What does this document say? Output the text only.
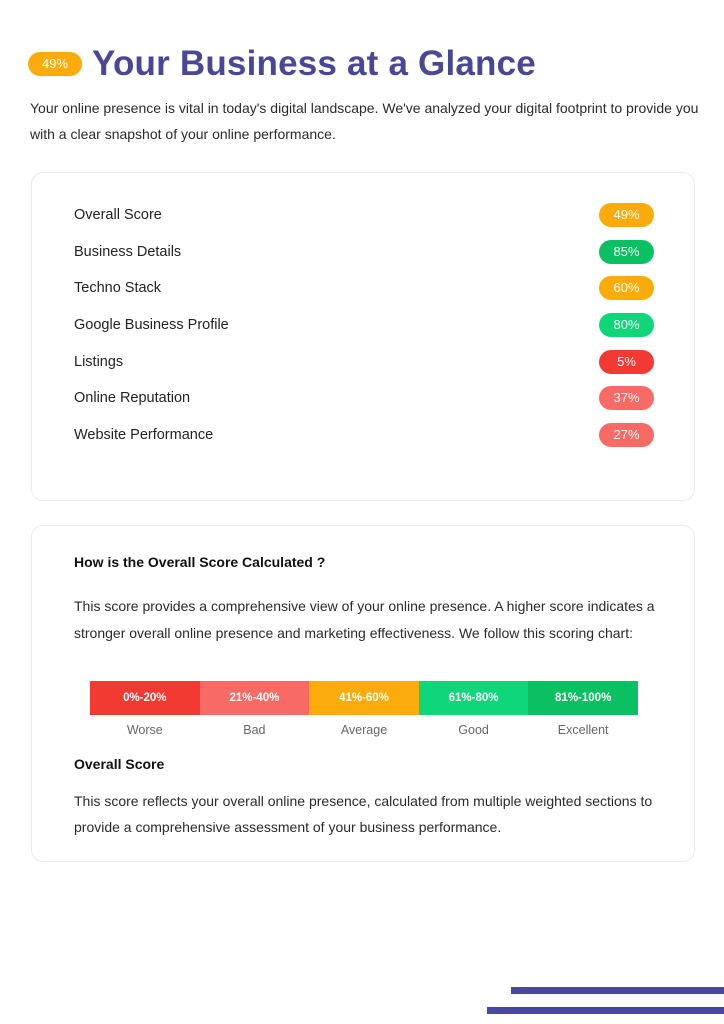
49% Your Business at a Glance

Your online presence is vital in today's digital landscape. We've analyzed your digital footprint to provide you with a clear snapshot of your online performance.

Overall Score	49%
Business Details	85%
Techno Stack	60%
Google Business Profile	80%
Listings	5%
Online Reputation	37%
Website Performance	27%
How is the Overall Score Calculated ?

This score provides a comprehensive view of your online presence. A higher score indicates a stronger overall online presence and marketing effectiveness. We follow this scoring chart:

Overall Score

This score reflects your overall online presence, calculated from multiple weighted sections to provide a comprehensive assessment of your business performance.

0%-20%	21%-40%	41%-60%	61%-80%	81%-100%
Worse	Bad	Average	Good	Excellent
